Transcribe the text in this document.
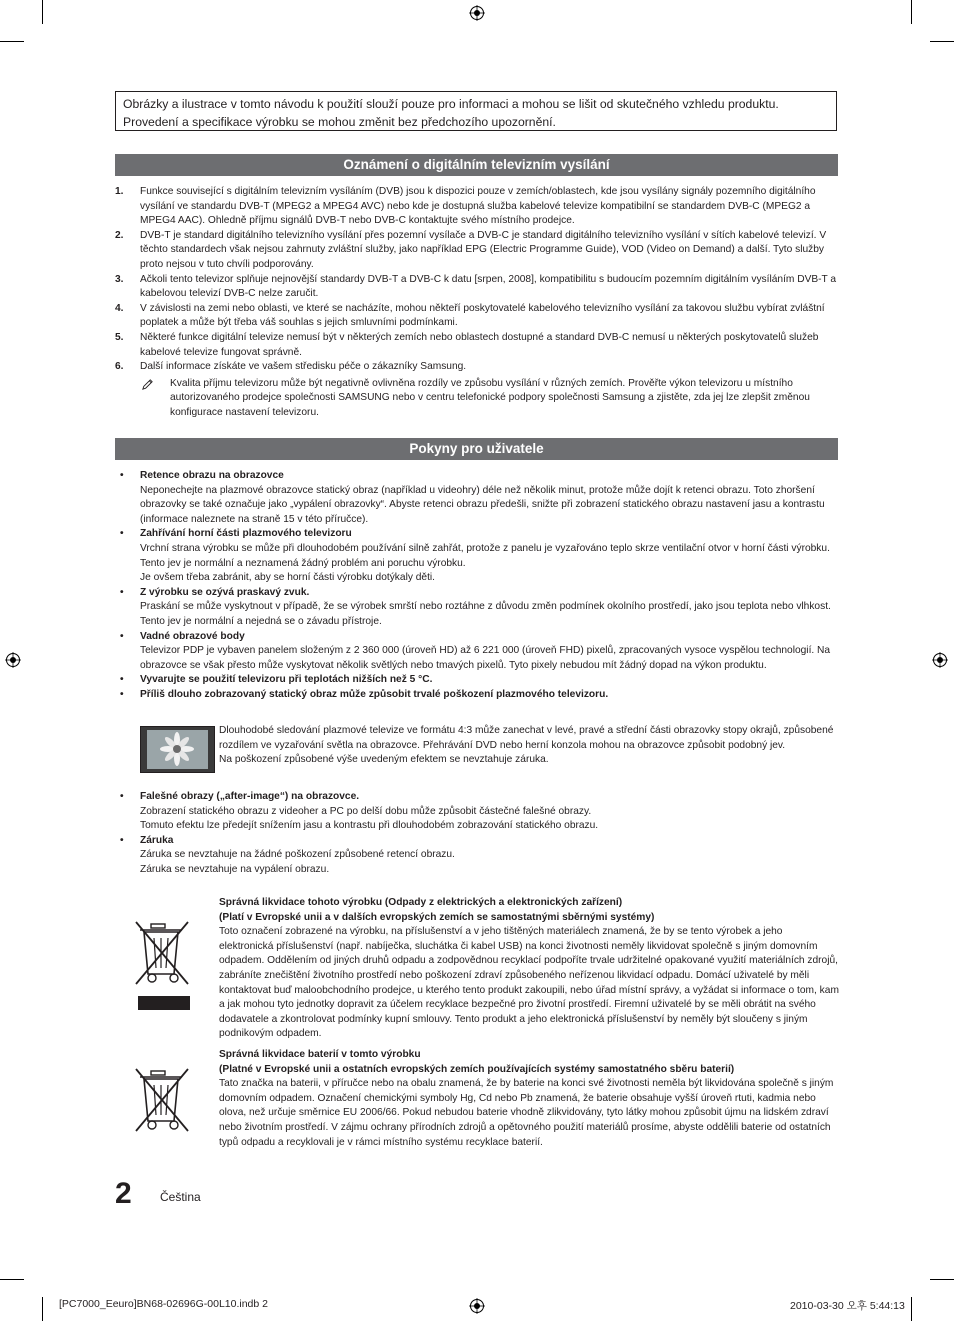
Obrázky a ilustrace v tomto návodu k použití slouží pouze pro informaci a mohou se lišit od skutečného vzhledu produktu.
Provedení a specifikace výrobku se mohou změnit bez předchozího upozornění.
Oznámení o digitálním televizním vysílání
1. Funkce související s digitálním televizním vysíláním (DVB) jsou k dispozici pouze v zemích/oblastech, kde jsou vysílány signály pozemního digitálního vysílání ve standardu DVB-T (MPEG2 a MPEG4 AVC) nebo kde je dostupná služba kabelové televize kompatibilní se standardem DVB-C (MPEG2 a MPEG4 AAC). Ohledně příjmu signálů DVB-T nebo DVB-C kontaktujte svého místního prodejce.
2. DVB-T je standard digitálního televizního vysílání přes pozemní vysílače a DVB-C je standard digitálního televizního vysílání v sítích kabelové televizí. V těchto standardech však nejsou zahrnuty zvláštní služby, jako například EPG (Electric Programme Guide), VOD (Video on Demand) a další. Tyto služby proto nejsou v tuto chvíli podporovány.
3. Ačkoli tento televizor splňuje nejnovější standardy DVB-T a DVB-C k datu [srpen, 2008], kompatibilitu s budoucím pozemním digitálním vysíláním DVB-T a kabelovou televizí DVB-C nelze zaručit.
4. V závislosti na zemi nebo oblasti, ve které se nacházíte, mohou někteří poskytovatelé kabelového televizního vysílání za takovou službu vybírat zvláštní poplatek a může být třeba váš souhlas s jejich smluvními podmínkami.
5. Některé funkce digitální televize nemusí být v některých zemích nebo oblastech dostupné a standard DVB-C nemusí u některých poskytovatelů služeb kabelové televize fungovat správně.
6. Další informace získáte ve vašem středisku péče o zákazníky Samsung.
Kvalita příjmu televizoru může být negativně ovlivněna rozdíly ve způsobu vysílání v různých zemích. Prověřte výkon televizoru u místního autorizovaného prodejce společnosti SAMSUNG nebo v centru telefonické podpory společnosti Samsung a zjistěte, zda jej lze zlepšit změnou konfigurace nastavení televizoru.
Pokyny pro uživatele
• Retence obrazu na obrazovce
Neponechejte na plazmové obrazovce statický obraz (například u videohry) déle než několik minut, protože může dojít k retenci obrazu. Toto zhoršení obrazovky se také označuje jako „vypálení obrazovky“. Abyste retenci obrazu předešli, snižte při zobrazení statického obrazu nastavení jasu a kontrastu (informace naleznete na straně 15 v této příručce).
• Zahřívání horní části plazmového televizoru
Vrchní strana výrobku se může při dlouhodobém používání silně zahřát, protože z panelu je vyzařováno teplo skrze ventilační otvor v horní části výrobku.
Tento jev je normální a neznamená žádný problém ani poruchu výrobku.
Je ovšem třeba zabránit, aby se horní části výrobku dotýkaly děti.
• Z výrobku se ozývá praskavý zvuk.
Praskání se může vyskytnout v případě, že se výrobek smrští nebo roztáhne z důvodu změn podmínek okolního prostředí, jako jsou teplota nebo vlhkost. Tento jev je normální a nejedná se o závadu přístroje.
• Vadné obrazové body
Televizor PDP je vybaven panelem složeným z 2 360 000 (úroveň HD) až 6 221 000 (úroveň FHD) pixelů, zpracovaných vysoce vyspělou technologií. Na obrazovce se však přesto může vyskytovat několik světlých nebo tmavých pixelů. Tyto pixely nebudou mít žádný dopad na výkon produktu.
• Vyvarujte se použití televizoru při teplotách nižších než 5 °C.
• Příliš dlouho zobrazovaný statický obraz může způsobit trvalé poškození plazmového televizoru.
Dlouhodobé sledování plazmové televize ve formátu 4:3 může zanechat v levé, pravé a střední části obrazovky stopy okrajů, způsobené rozdílem ve vyzařování světla na obrazovce. Přehrávání DVD nebo herní konzola mohou na obrazovce způsobit podobný jev.
Na poškození způsobené výše uvedeným efektem se nevztahuje záruka.
• Falešné obrazy („after-image“) na obrazovce.
Zobrazení statického obrazu z videoher a PC po delší dobu může způsobit částečné falešné obrazy.
Tomuto efektu lze předejít snížením jasu a kontrastu při dlouhodobém zobrazování statického obrazu.
• Záruka
Záruka se nevztahuje na žádné poškození způsobené retencí obrazu.
Záruka se nevztahuje na vypálení obrazu.
Správná likvidace tohoto výrobku (Odpady z elektrických a elektronických zařízení)
(Platí v Evropské unii a v dalších evropských zemích se samostatnými sběrnými systémy)
Toto označení zobrazené na výrobku, na příslušenství a v jeho tištěných materiálech znamená, že by se tento výrobek a jeho elektronická příslušenství (např. nabíječka, sluchátka či kabel USB) na konci životnosti neměly likvidovat společně s jiným domovním odpadem. Oddělením od jiných druhů odpadu a zodpovědnou recyklací podpoříte trvale udržitelné opakované využití materiálních zdrojů, zabráníte znečištění životního prostředí nebo poškození zdraví způsobeného neřízenou likvidací odpadu. Domácí uživatelé by měli kontaktovat buď maloobchodního prodejce, u kterého tento produkt zakoupili, nebo úřad místní správy, a vyžádat si informace o tom, kam a jak mohou tyto jednotky dopravit za účelem recyklace bezpečné pro životní prostředí. Firemní uživatelé by se měli obrátit na svého dodavatele a zkontrolovat podmínky kupní smlouvy. Tento produkt a jeho elektronická příslušenství by neměly být sloučeny s jiným podnikovým odpadem.
Správná likvidace baterií v tomto výrobku
(Platné v Evropské unii a ostatních evropských zemích používajících systémy samostatného sběru baterií)
Tato značka na baterii, v příručce nebo na obalu znamená, že by baterie na konci své životnosti neměla být likvidována společně s jiným domovním odpadem. Označení chemickými symboly Hg, Cd nebo Pb znamená, že baterie obsahuje vyšší úroveň rtuti, kadmia nebo olova, než určuje směrnice EU 2006/66. Pokud nebudou baterie vhodně zlikvidovány, tyto látky mohou způsobit újmu na lidském zdraví nebo životním prostředí. V zájmu ochrany přírodních zdrojů a opětovného použití materiálů prosíme, abyste oddělili baterie od ostatních typů odpadu a recyklovali je v rámci místního systému recyklace baterií.
2 Čeština
[PC7000_Eeuro]BN68-02696G-00L10.indb 2	2010-03-30 오후 5:44:13
